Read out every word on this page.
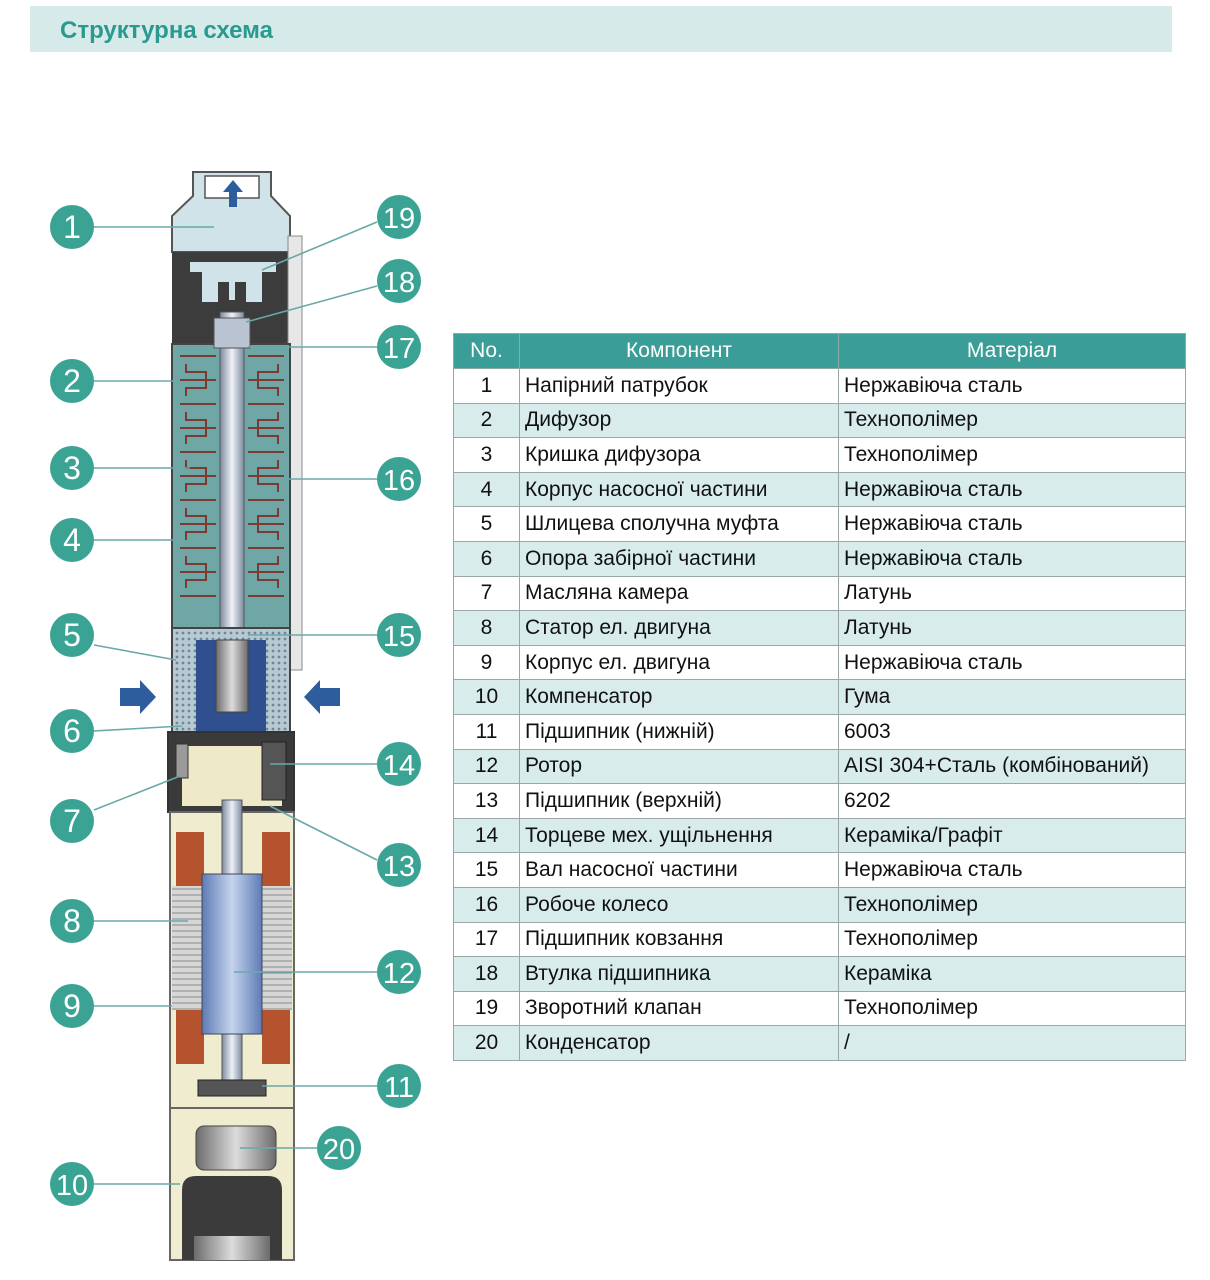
Структурна схема
1
2
3
4
5
6
7
8
9
10
11
12
13
14
15
16
17
18
19
20
No.	Компонент	Матеріал
1	Напірний патрубок	Нержавіюча сталь
2	Дифузор	Технополімер
3	Кришка дифузора	Технополімер
4	Корпус насосної частини	Нержавіюча сталь
5	Шлицева сполучна муфта	Нержавіюча сталь
6	Опора забірної частини	Нержавіюча сталь
7	Масляна камера	Латунь
8	Статор ел. двигуна	Латунь
9	Корпус ел. двигуна	Нержавіюча сталь
10	Компенсатор	Гума
11	Підшипник (нижній)	6003
12	Ротор	AISI 304+Сталь (комбінований)
13	Підшипник (верхній)	6202
14	Торцеве мех. ущільнення	Кераміка/Графіт
15	Вал насосної частини	Нержавіюча сталь
16	Робоче колесо	Технополімер
17	Підшипник ковзання	Технополімер
18	Втулка підшипника	Кераміка
19	Зворотний клапан	Технополімер
20	Конденсатор	/
